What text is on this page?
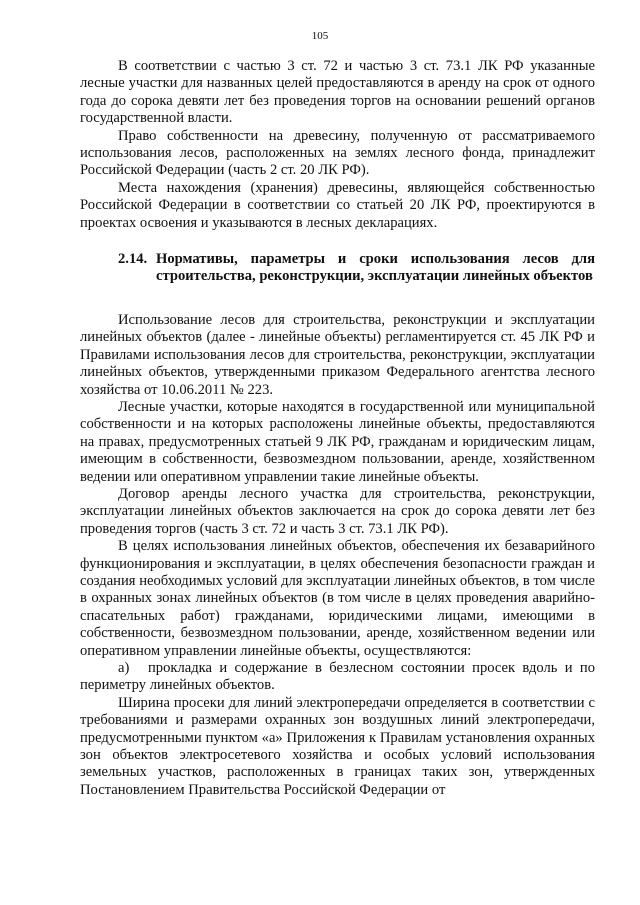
105

В соответствии с частью 3 ст. 72 и частью 3 ст. 73.1 ЛК РФ указанные лесные участки для названных целей предоставляются в аренду на срок от одного года до сорока девяти лет без проведения торгов на основании решений органов государственной власти.

Право собственности на древесину, полученную от рассматриваемого использования лесов, расположенных на землях лесного фонда, принадлежит Российской Федерации (часть 2 ст. 20 ЛК РФ).

Места нахождения (хранения) древесины, являющейся собственностью Российской Федерации в соответствии со статьей 20 ЛК РФ, проектируются в проектах освоения и указываются в лесных декларациях.

2.14. Нормативы, параметры и сроки использования лесов для строительства, реконструкции, эксплуатации линейных объектов

Использование лесов для строительства, реконструкции и эксплуатации линейных объектов (далее - линейные объекты) регламентируется ст. 45 ЛК РФ и Правилами использования лесов для строительства, реконструкции, эксплуатации линейных объектов, утвержденными приказом Федерального агентства лесного хозяйства от 10.06.2011 № 223.

Лесные участки, которые находятся в государственной или муниципальной собственности и на которых расположены линейные объекты, предоставляются на правах, предусмотренных статьей 9 ЛК РФ, гражданам и юридическим лицам, имеющим в собственности, безвозмездном пользовании, аренде, хозяйственном ведении или оперативном управлении такие линейные объекты.

Договор аренды лесного участка для строительства, реконструкции, эксплуатации линейных объектов заключается на срок до сорока девяти лет без проведения торгов (часть 3 ст. 72 и часть 3 ст. 73.1 ЛК РФ).

В целях использования линейных объектов, обеспечения их безаварийного функционирования и эксплуатации, в целях обеспечения безопасности граждан и создания необходимых условий для эксплуатации линейных объектов, в том числе в охранных зонах линейных объектов (в том числе в целях проведения аварийно-спасательных работ) гражданами, юридическими лицами, имеющими в собственности, безвозмездном пользовании, аренде, хозяйственном ведении или оперативном управлении линейные объекты, осуществляются:

а) прокладка и содержание в безлесном состоянии просек вдоль и по периметру линейных объектов.

Ширина просеки для линий электропередачи определяется в соответствии с требованиями и размерами охранных зон воздушных линий электропередачи, предусмотренными пунктом «а» Приложения к Правилам установления охранных зон объектов электросетевого хозяйства и особых условий использования земельных участков, расположенных в границах таких зон, утвержденных Постановлением Правительства Российской Федерации от
